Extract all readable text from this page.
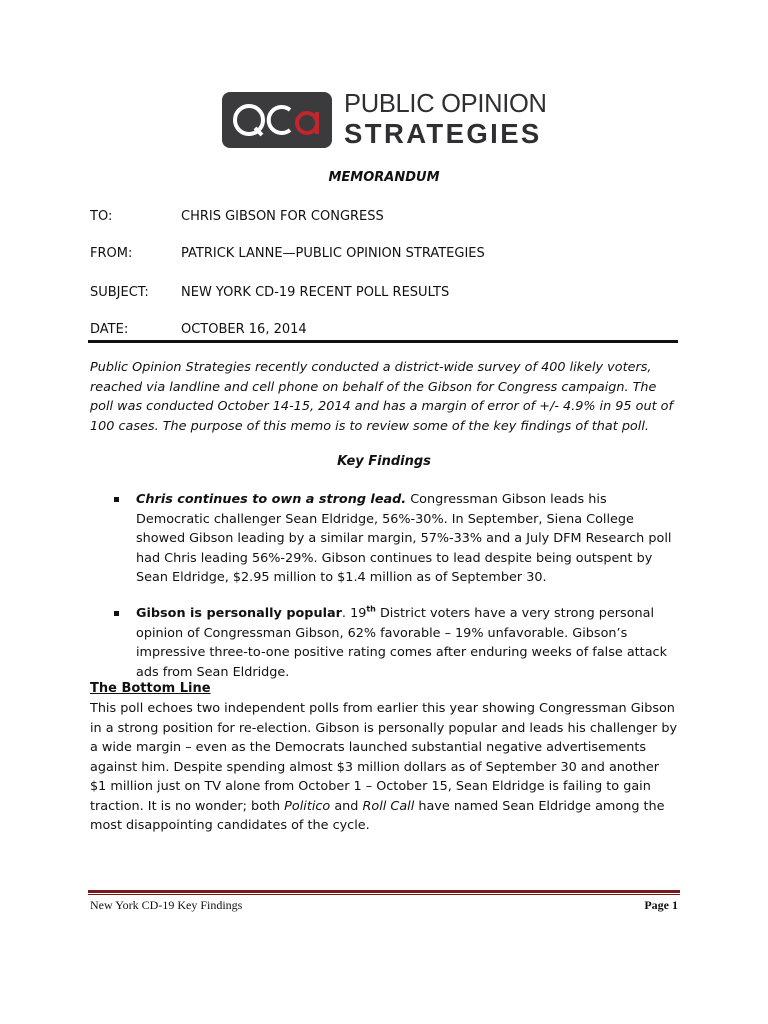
PUBLIC OPINION
STRATEGIES
MEMORANDUM
TO:	CHRIS GIBSON FOR CONGRESS
FROM:	PATRICK LANNE—PUBLIC OPINION STRATEGIES
SUBJECT: NEW YORK CD-19 RECENT POLL RESULTS
DATE:	OCTOBER 16, 2014
Public Opinion Strategies recently conducted a district-wide survey of 400 likely voters, reached via landline and cell phone on behalf of the Gibson for Congress campaign. The poll was conducted October 14-15, 2014 and has a margin of error of +/- 4.9% in 95 out of 100 cases. The purpose of this memo is to review some of the key findings of that poll.
Key Findings
Chris continues to own a strong lead. Congressman Gibson leads his Democratic challenger Sean Eldridge, 56%-30%. In September, Siena College showed Gibson leading by a similar margin, 57%-33% and a July DFM Research poll had Chris leading 56%-29%. Gibson continues to lead despite being outspent by Sean Eldridge, $2.95 million to $1.4 million as of September 30.
Gibson is personally popular. 19th District voters have a very strong personal opinion of Congressman Gibson, 62% favorable – 19% unfavorable. Gibson’s impressive three-to-one positive rating comes after enduring weeks of false attack ads from Sean Eldridge.
The Bottom Line
This poll echoes two independent polls from earlier this year showing Congressman Gibson in a strong position for re-election. Gibson is personally popular and leads his challenger by a wide margin – even as the Democrats launched substantial negative advertisements against him. Despite spending almost $3 million dollars as of September 30 and another $1 million just on TV alone from October 1 – October 15, Sean Eldridge is failing to gain traction. It is no wonder; both Politico and Roll Call have named Sean Eldridge among the most disappointing candidates of the cycle.
New York CD-19 Key Findings	Page 1
